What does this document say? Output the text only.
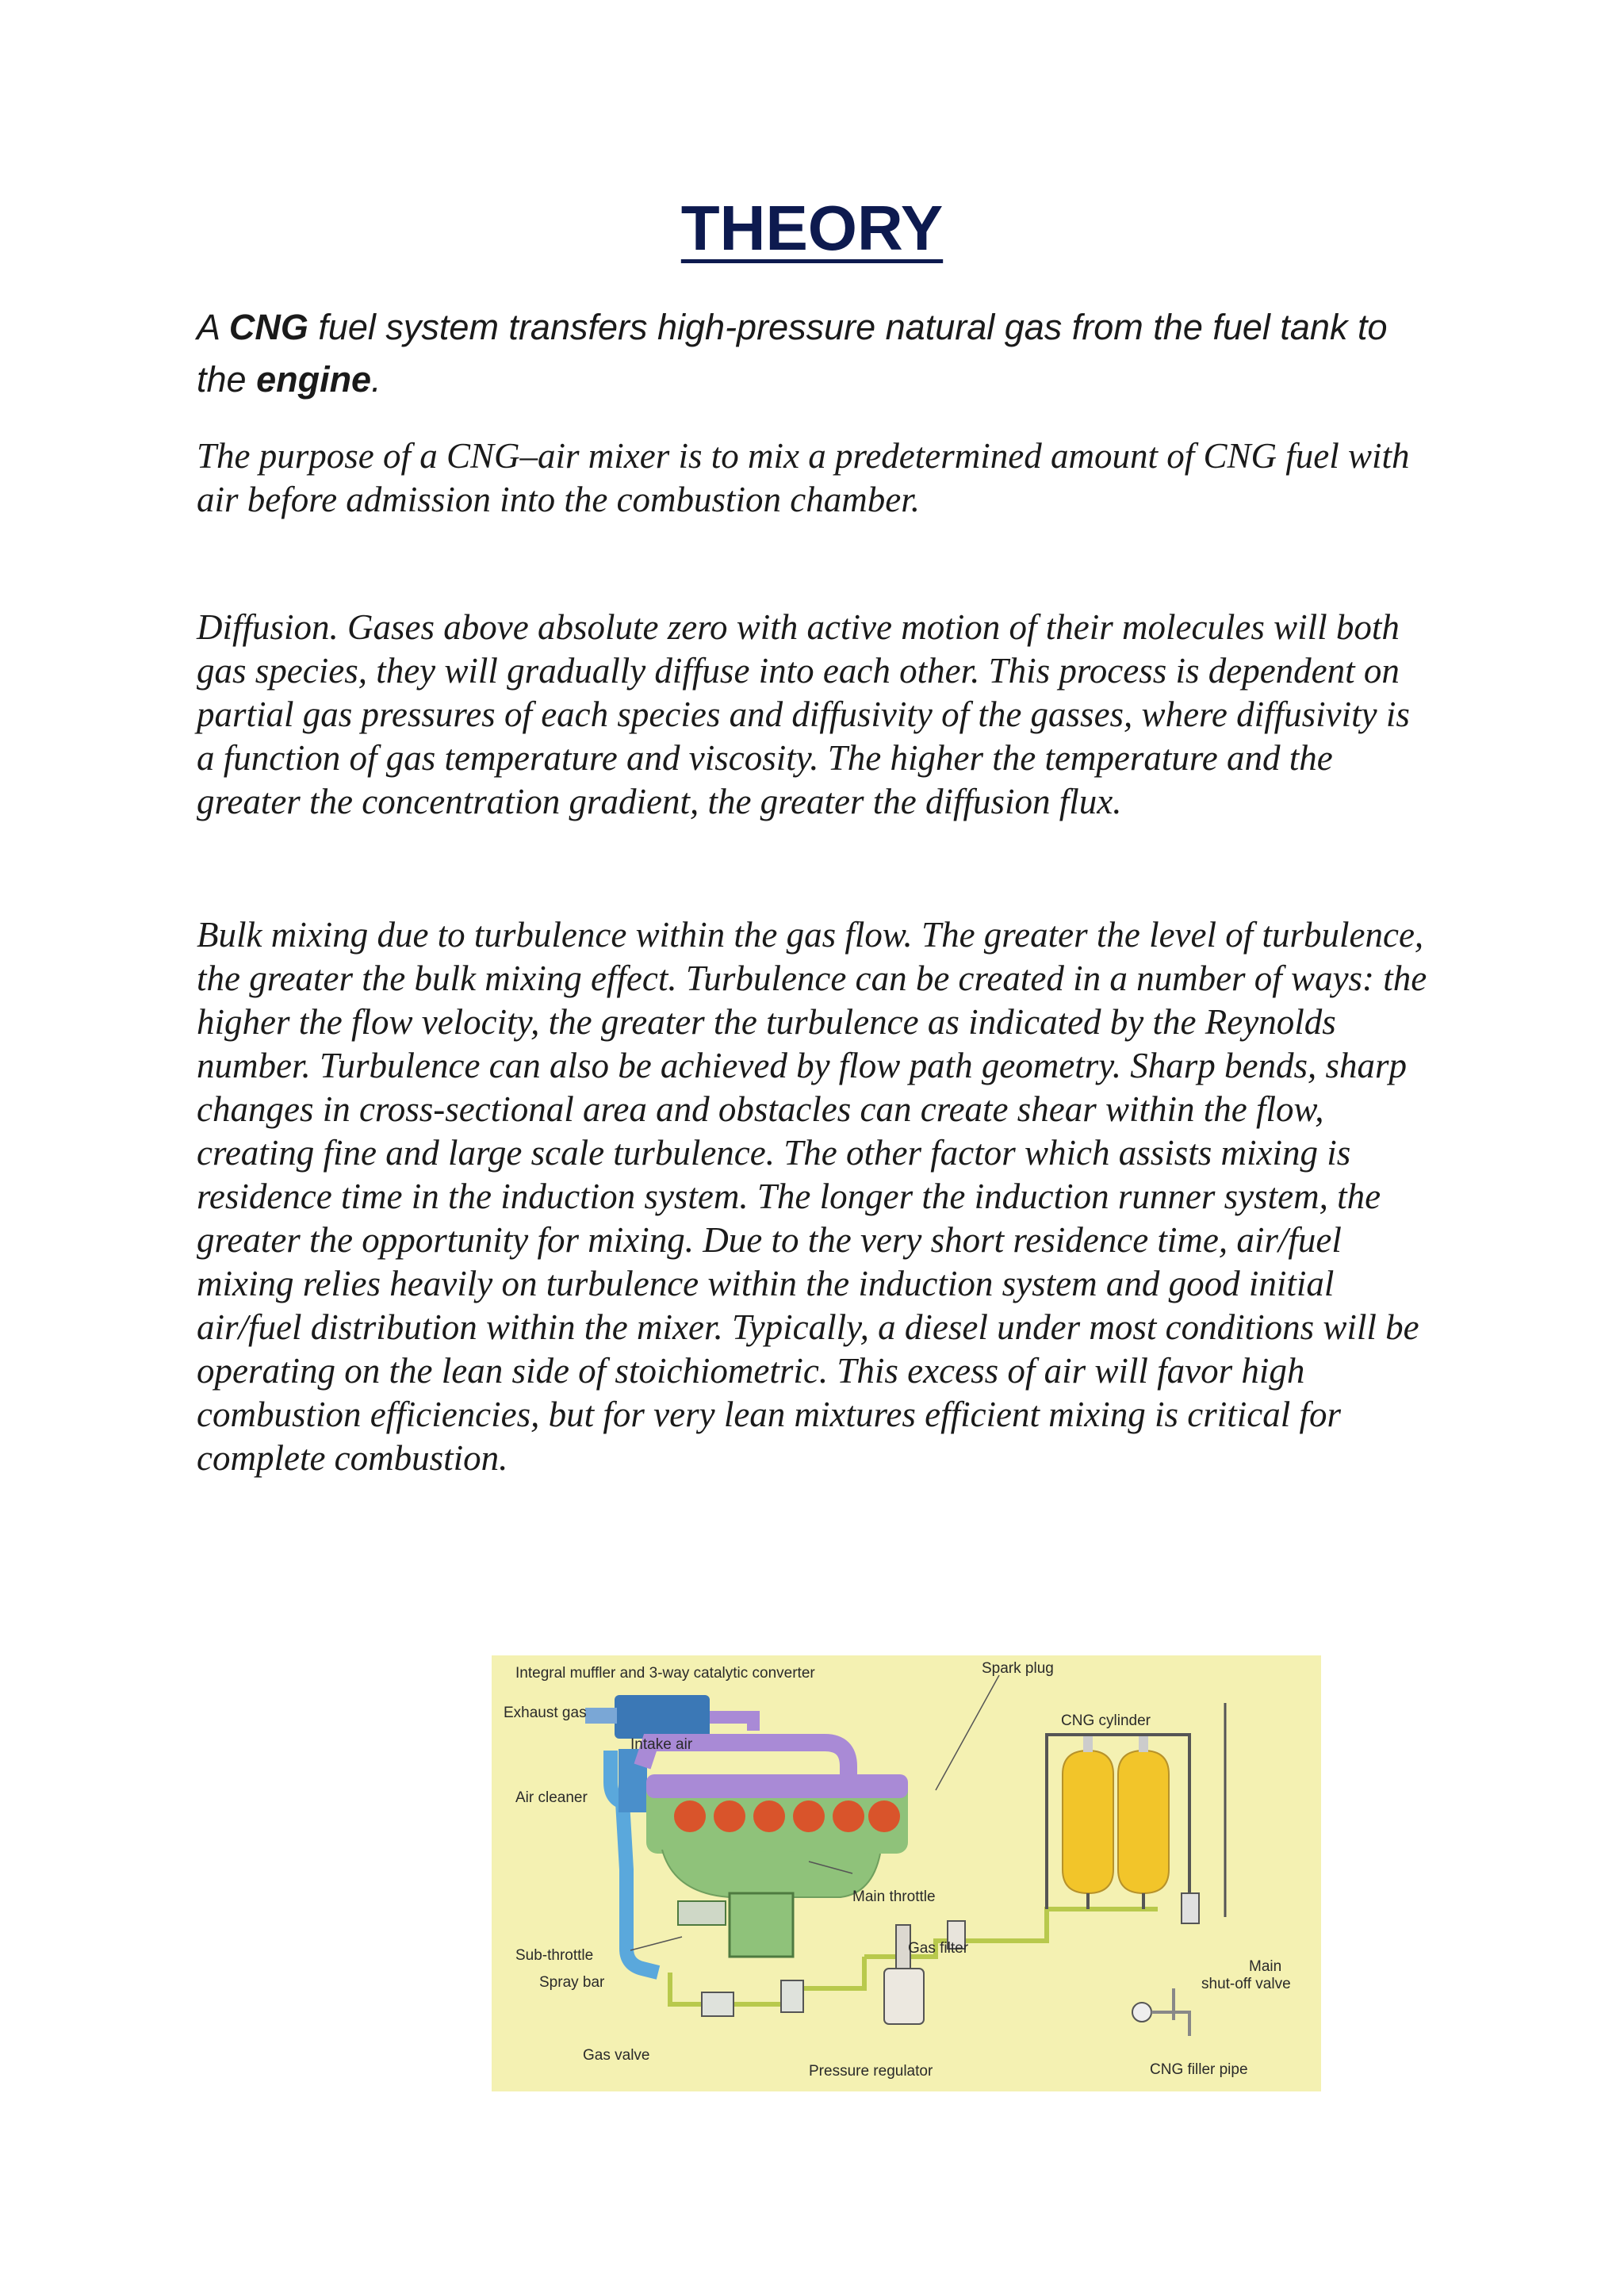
THEORY
A CNG fuel system transfers high-pressure natural gas from the fuel tank to the engine.
The purpose of a CNG–air mixer is to mix a predetermined amount of CNG fuel with air before admission into the combustion chamber.
Diffusion. Gases above absolute zero with active motion of their molecules will both gas species, they will gradually diffuse into each other. This process is dependent on partial gas pressures of each species and diffusivity of the gasses, where diffusivity is a function of gas temperature and viscosity. The higher the temperature and the greater the concentration gradient, the greater the diffusion flux.
Bulk mixing due to turbulence within the gas flow. The greater the level of turbulence, the greater the bulk mixing effect. Turbulence can be created in a number of ways: the higher the flow velocity, the greater the turbulence as indicated by the Reynolds number. Turbulence can also be achieved by flow path geometry. Sharp bends, sharp changes in cross-sectional area and obstacles can create shear within the flow, creating fine and large scale turbulence. The other factor which assists mixing is residence time in the induction system. The longer the induction runner system, the greater the opportunity for mixing. Due to the very short residence time, air/fuel mixing relies heavily on turbulence within the induction system and good initial air/fuel distribution within the mixer. Typically, a diesel under most conditions will be operating on the lean side of stoichiometric. This excess of air will favor high combustion efficiencies, but for very lean mixtures efficient mixing is critical for complete combustion.
Integral muffler and 3-way catalytic converter	Spark plug
Exhaust gas
Intake air
CNG cylinder
Air cleaner
Main throttle
Sub-throttle	Gas filter
Spray bar
Main
shut-off valve
Gas valve
Pressure regulator	CNG filler pipe
